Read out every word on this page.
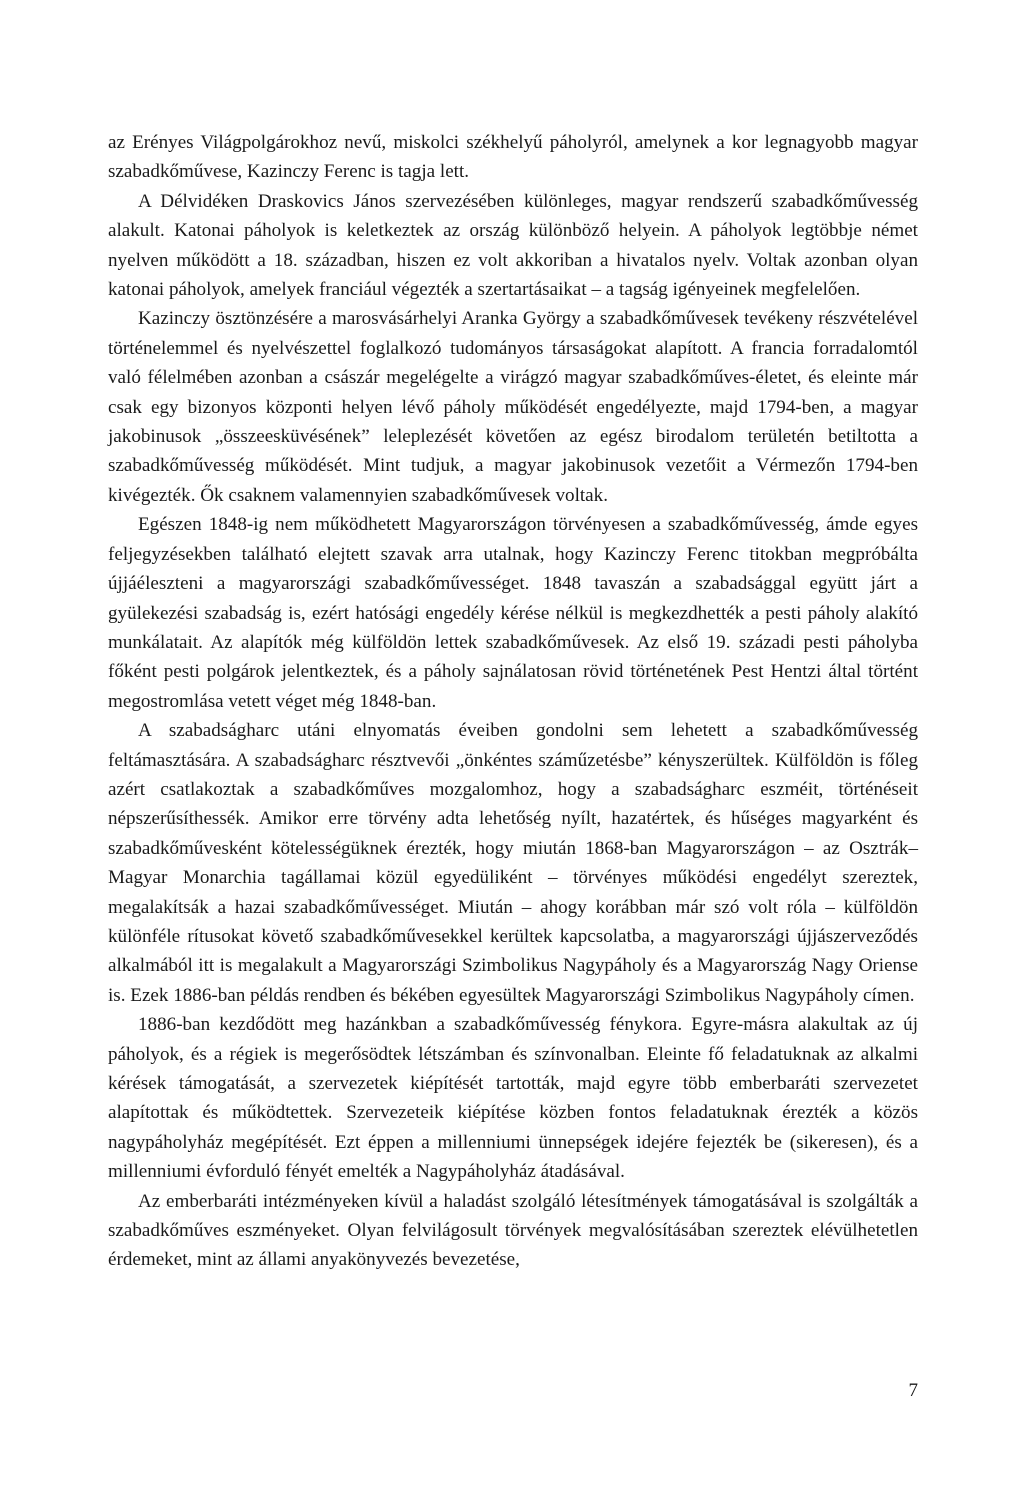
az Erényes Világpolgárokhoz nevű, miskolci székhelyű páholyról, amelynek a kor legnagyobb magyar szabadkőművese, Kazinczy Ferenc is tagja lett.

A Délvidéken Draskovics János szervezésében különleges, magyar rendszerű szabadkőművesség alakult. Katonai páholyok is keletkeztek az ország különböző helyein. A páholyok legtöbbje német nyelven működött a 18. században, hiszen ez volt akkoriban a hivatalos nyelv. Voltak azonban olyan katonai páholyok, amelyek franciául végezték a szertartásaikat – a tagság igényeinek megfelelően.

Kazinczy ösztönzésére a marosvásárhelyi Aranka György a szabadkőművesek tevékeny részvételével történelemmel és nyelvészettel foglalkozó tudományos társaságokat alapított. A francia forradalomtól való félelmében azonban a császár megelégelte a virágzó magyar szabadkőműves-életet, és eleinte már csak egy bizonyos központi helyen lévő páholy működését engedélyezte, majd 1794-ben, a magyar jakobinusok „összeesküvésének” leleplezését követően az egész birodalom területén betiltotta a szabadkőművesség működését. Mint tudjuk, a magyar jakobinusok vezetőit a Vérmezőn 1794-ben kivégezték. Ők csaknem valamennyien szabadkőművesek voltak.

Egészen 1848-ig nem működhetett Magyarországon törvényesen a szabadkőművesség, ámde egyes feljegyzésekben található elejtett szavak arra utalnak, hogy Kazinczy Ferenc titokban megpróbálta újjáéleszteni a magyarországi szabadkőművességet. 1848 tavaszán a szabadsággal együtt járt a gyülekezési szabadság is, ezért hatósági engedély kérése nélkül is megkezdhették a pesti páholy alakító munkálatait. Az alapítók még külföldön lettek szabadkőművesek. Az első 19. századi pesti páholyba főként pesti polgárok jelentkeztek, és a páholy sajnálatosan rövid történetének Pest Hentzi által történt megostromlása vetett véget még 1848-ban.

A szabadságharc utáni elnyomatás éveiben gondolni sem lehetett a szabadkőművesség feltámasztására. A szabadságharc résztvevői „önkéntes száműzetésbe” kényszerültek. Külföldön is főleg azért csatlakoztak a szabadkőműves mozgalomhoz, hogy a szabadságharc eszméit, történéseit népszerűsíthessék. Amikor erre törvény adta lehetőség nyílt, hazatértek, és hűséges magyarként és szabadkőművesként kötelességüknek érezték, hogy miután 1868-ban Magyarországon – az Osztrák–Magyar Monarchia tagállamai közül egyedüliként – törvényes működési engedélyt szereztek, megalakítsák a hazai szabadkőművességet. Miután – ahogy korábban már szó volt róla – külföldön különféle rítusokat követő szabadkőművesekkel kerültek kapcsolatba, a magyarországi újjászerveződés alkalmából itt is megalakult a Magyarországi Szimbolikus Nagypáholy és a Magyarország Nagy Oriense is. Ezek 1886-ban példás rendben és békében egyesültek Magyarországi Szimbolikus Nagypáholy címen.

1886-ban kezdődött meg hazánkban a szabadkőművesség fénykora. Egyre-másra alakultak az új páholyok, és a régiek is megerősödtek létszámban és színvonalban. Eleinte fő feladatuknak az alkalmi kérések támogatását, a szervezetek kiépítését tartották, majd egyre több emberbaráti szervezetet alapítottak és működtettek. Szervezeteik kiépítése közben fontos feladatuknak érezték a közös nagypáholyház megépítését. Ezt éppen a millenniumi ünnepségek idejére fejezték be (sikeresen), és a millenniumi évforduló fényét emelték a Nagypáholyház átadásával.

Az emberbaráti intézményeken kívül a haladást szolgáló létesítmények támogatásával is szolgálták a szabadkőműves eszményeket. Olyan felvilágosult törvények megvalósításában szereztek elévülhetetlen érdemeket, mint az állami anyakönyvezés bevezetése,

7
